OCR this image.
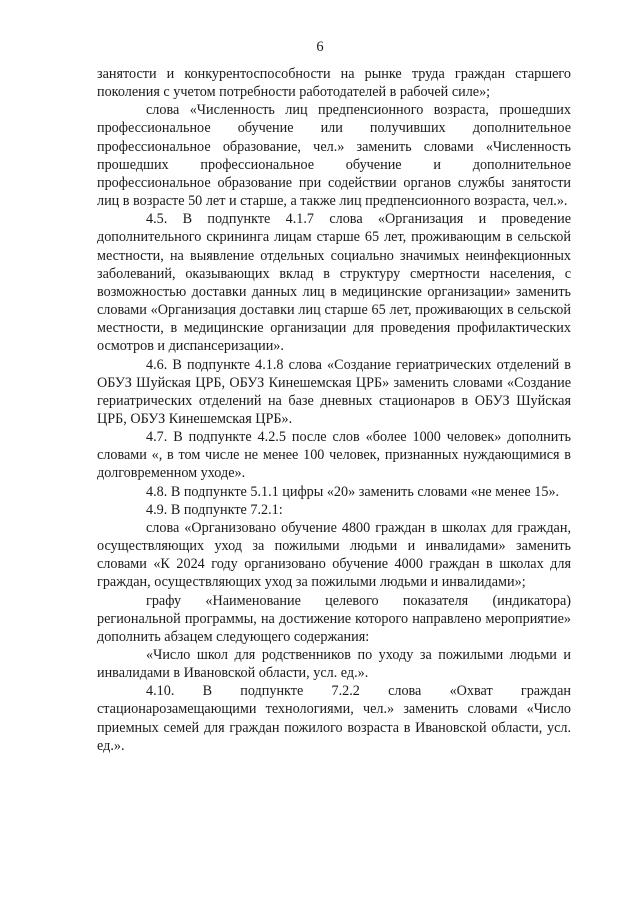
6

занятости и конкурентоспособности на рынке труда граждан старшего поколения с учетом потребности работодателей в рабочей силе»;

слова «Численность лиц предпенсионного возраста, прошедших профессиональное обучение или получивших дополнительное профессиональное образование, чел.» заменить словами «Численность прошедших профессиональное обучение и дополнительное профессиональное образование при содействии органов службы занятости лиц в возрасте 50 лет и старше, а также лиц предпенсионного возраста, чел.».

4.5. В подпункте 4.1.7 слова «Организация и проведение дополнительного скрининга лицам старше 65 лет, проживающим в сельской местности, на выявление отдельных социально значимых неинфекционных заболеваний, оказывающих вклад в структуру смертности населения, с возможностью доставки данных лиц в медицинские организации» заменить словами «Организация доставки лиц старше 65 лет, проживающих в сельской местности, в медицинские организации для проведения профилактических осмотров и диспансеризации».

4.6. В подпункте 4.1.8 слова «Создание гериатрических отделений в ОБУЗ Шуйская ЦРБ, ОБУЗ Кинешемская ЦРБ» заменить словами «Создание гериатрических отделений на базе дневных стационаров в ОБУЗ Шуйская ЦРБ, ОБУЗ Кинешемская ЦРБ».

4.7. В подпункте 4.2.5 после слов «более 1000 человек» дополнить словами «, в том числе не менее 100 человек, признанных нуждающимися в долговременном уходе».

4.8. В подпункте 5.1.1 цифры «20» заменить словами «не менее 15».

4.9. В подпункте 7.2.1:

слова «Организовано обучение 4800 граждан в школах для граждан, осуществляющих уход за пожилыми людьми и инвалидами» заменить словами «К 2024 году организовано обучение 4000 граждан в школах для граждан, осуществляющих уход за пожилыми людьми и инвалидами»;

графу «Наименование целевого показателя (индикатора) региональной программы, на достижение которого направлено мероприятие» дополнить абзацем следующего содержания:

«Число школ для родственников по уходу за пожилыми людьми и инвалидами в Ивановской области, усл. ед.».

4.10. В подпункте 7.2.2 слова «Охват граждан стационарозамещающими технологиями, чел.» заменить словами «Число приемных семей для граждан пожилого возраста в Ивановской области, усл. ед.».
